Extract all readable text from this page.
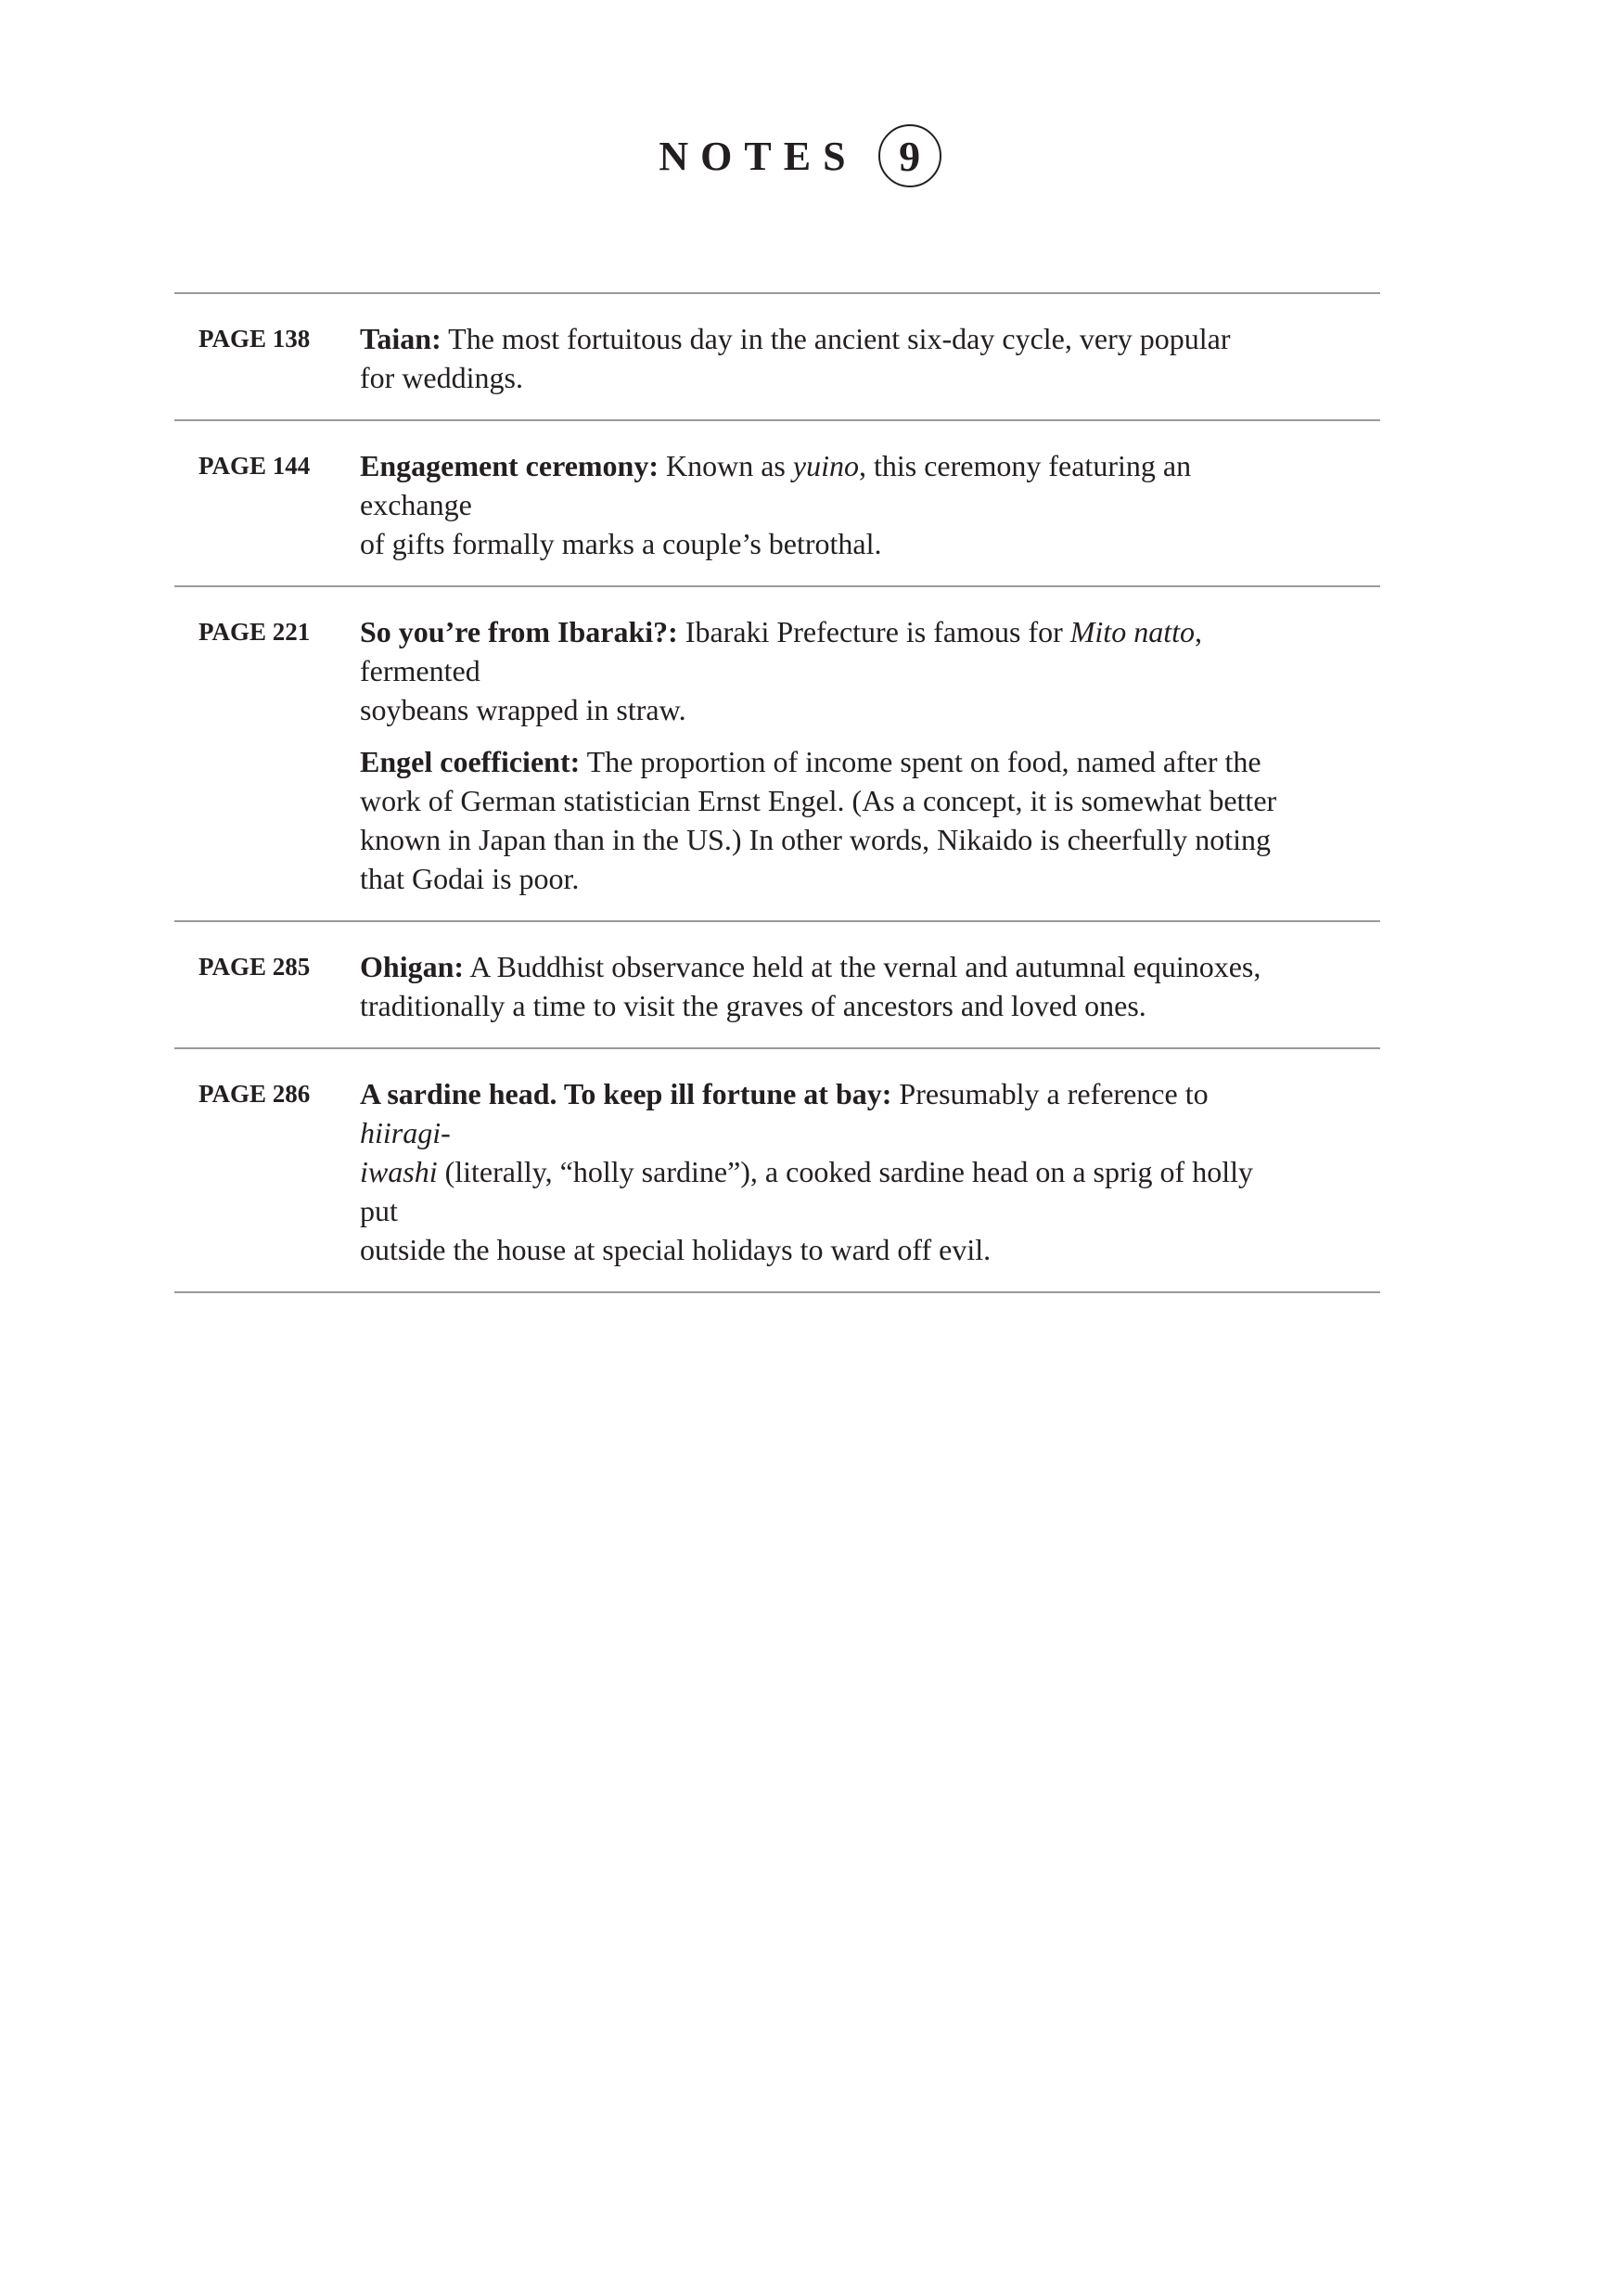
NOTES 9
PAGE 138	Taian: The most fortuitous day in the ancient six-day cycle, very popular
for weddings.
PAGE 144	Engagement ceremony: Known as yuino, this ceremony featuring an exchange
of gifts formally marks a couple’s betrothal.
PAGE 221	So you’re from Ibaraki?: Ibaraki Prefecture is famous for Mito natto, fermented
soybeans wrapped in straw.
Engel coefficient: The proportion of income spent on food, named after the
work of German statistician Ernst Engel. (As a concept, it is somewhat better
known in Japan than in the US.) In other words, Nikaido is cheerfully noting
that Godai is poor.
PAGE 285	Ohigan: A Buddhist observance held at the vernal and autumnal equinoxes,
traditionally a time to visit the graves of ancestors and loved ones.
PAGE 286	A sardine head. To keep ill fortune at bay: Presumably a reference to hiiragi-
iwashi (literally, “holly sardine”), a cooked sardine head on a sprig of holly put
outside the house at special holidays to ward off evil.
